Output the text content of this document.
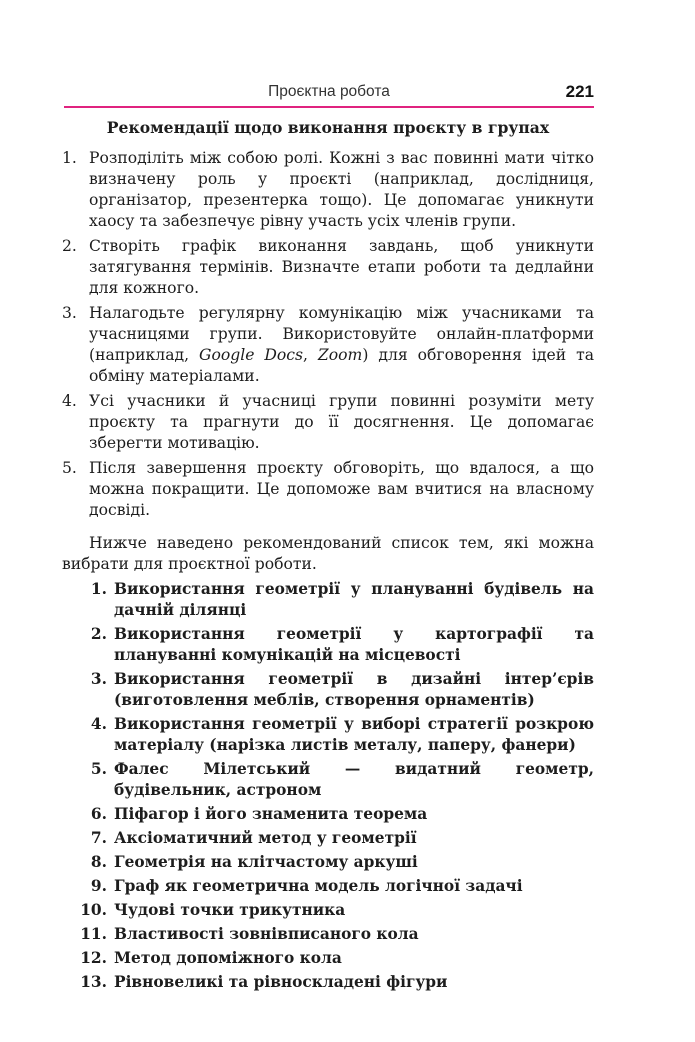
Проєктна робота	221
Рекомендації щодо виконання проєкту в групах
1. Розподіліть між собою ролі. Кожні з вас повинні мати чітко визначену роль у проєкті (наприклад, дослідниця, організатор, презентерка тощо). Це допомагає уникнути хаосу та забезпечує рівну участь усіх членів групи.
2. Створіть графік виконання завдань, щоб уникнути затягування термінів. Визначте етапи роботи та дедлайни для кожного.
3. Налагодьте регулярну комунікацію між учасниками та учасницями групи. Використовуйте онлайн-платформи (наприклад, Google Docs, Zoom) для обговорення ідей та обміну матеріалами.
4. Усі учасники й учасниці групи повинні розуміти мету проєкту та прагнути до її досягнення. Це допомагає зберегти мотивацію.
5. Після завершення проєкту обговоріть, що вдалося, а що можна покращити. Це допоможе вам вчитися на власному досвіді.

Нижче наведено рекомендований список тем, які можна вибрати для проєктної роботи.

1. Використання геометрії у плануванні будівель на дачній ділянці
2. Використання геометрії у картографії та плануванні комунікацій на місцевості
3. Використання геометрії в дизайні інтер’єрів (виготовлення меблів, створення орнаментів)
4. Використання геометрії у виборі стратегії розкрою матеріалу (нарізка листів металу, паперу, фанери)
5. Фалес Мілетський — видатний геометр, будівельник, астроном
6. Піфагор і його знаменита теорема
7. Аксіоматичний метод у геометрії
8. Геометрія на клітчастому аркуші
9. Граф як геометрична модель логічної задачі
10. Чудові точки трикутника
11. Властивості зовнівписаного кола
12. Метод допоміжного кола
13. Рівновеликі та рівноскладені фігури
